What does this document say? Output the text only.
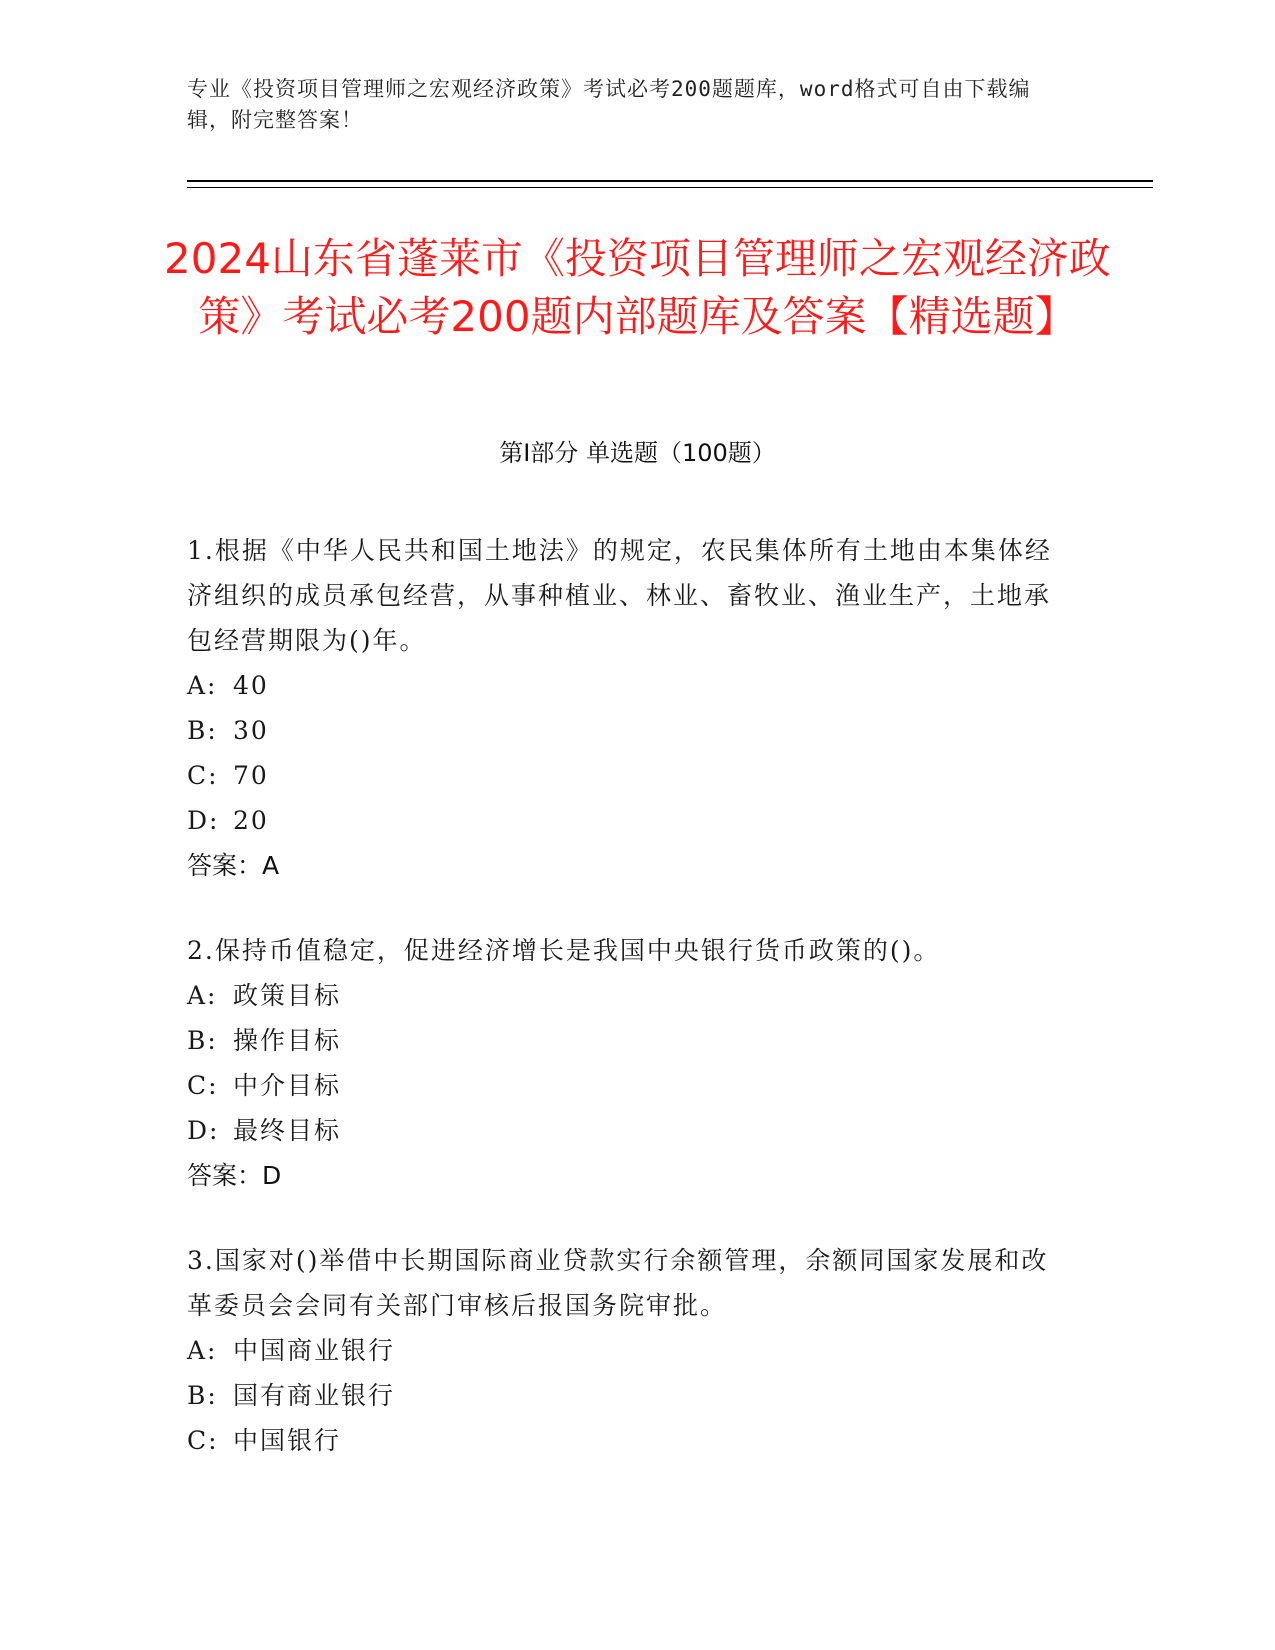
专业《投资项目管理师之宏观经济政策》考试必考200题题库，word格式可自由下载编辑，附完整答案！
2024山东省蓬莱市《投资项目管理师之宏观经济政策》考试必考200题内部题库及答案【精选题】
第I部分 单选题（100题）
1.根据《中华人民共和国土地法》的规定，农民集体所有土地由本集体经济组织的成员承包经营，从事种植业、林业、畜牧业、渔业生产，土地承包经营期限为()年。
A: 40
B: 30
C: 70
D: 20
答案：A
2.保持币值稳定，促进经济增长是我国中央银行货币政策的()。
A: 政策目标
B: 操作目标
C: 中介目标
D: 最终目标
答案：D
3.国家对()举借中长期国际商业贷款实行余额管理，余额同国家发展和改革委员会会同有关部门审核后报国务院审批。
A: 中国商业银行
B: 国有商业银行
C: 中国银行
